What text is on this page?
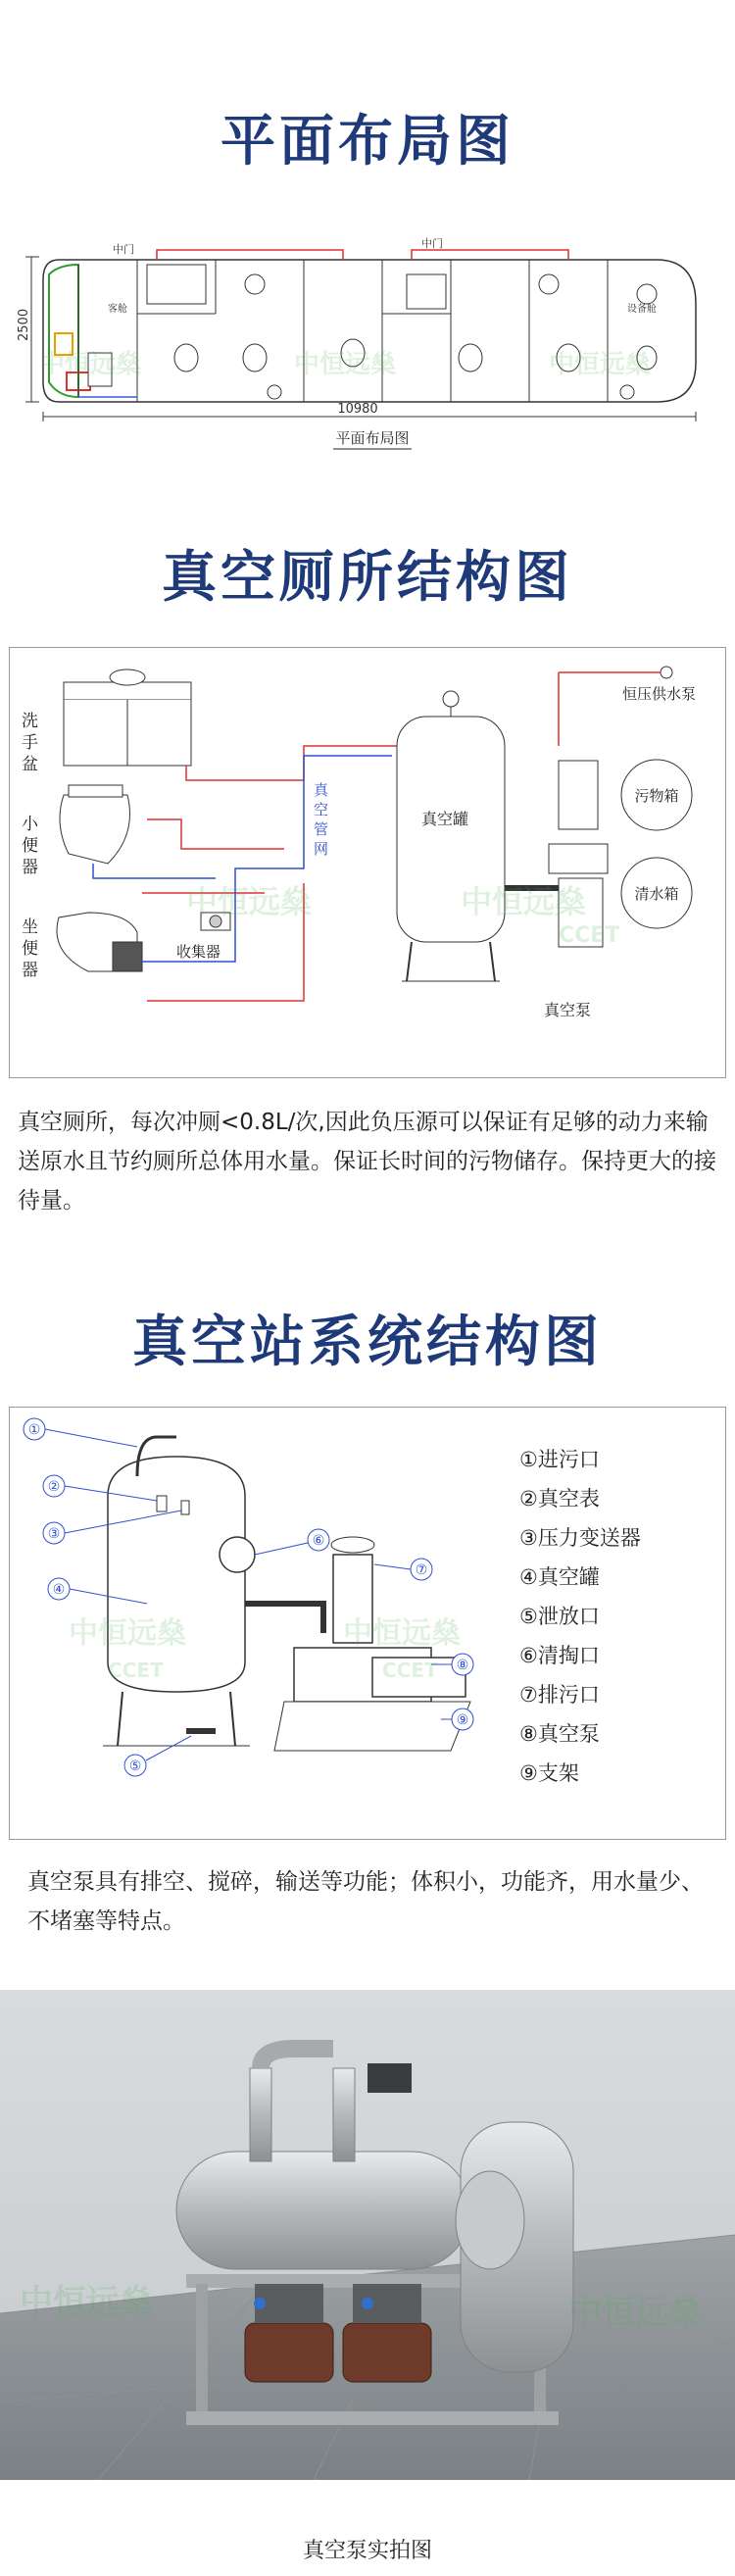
平面布局图
2500
中门	中门
客舱	设备舱
10980
中恒远燊	中恒远燊	中恒远燊
平面布局图
真空厕所结构图
洗手盆
小便器
坐便器
收集器
真空管网
真空罐
真空泵
污物箱
清水箱
恒压供水泵
中恒远燊	中恒远燊
CCET
真空厕所，每次冲厕<0.8L/次,因此负压源可以保证有足够的动力来输送原水且节约厕所总体用水量。保证长时间的污物储存。保持更大的接待量。
真空站系统结构图
①
②
③
④
⑤
⑥
⑦
⑧
⑨
中恒远燊	中恒远燊
CCET	CCET
①进污口
②真空表
③压力变送器
④真空罐
⑤泄放口
⑥清掏口
⑦排污口
⑧真空泵
⑨支架
真空泵具有排空、搅碎，输送等功能；体积小，功能齐，用水量少、不堵塞等特点。
中恒远燊	中恒远燊
真空泵实拍图
